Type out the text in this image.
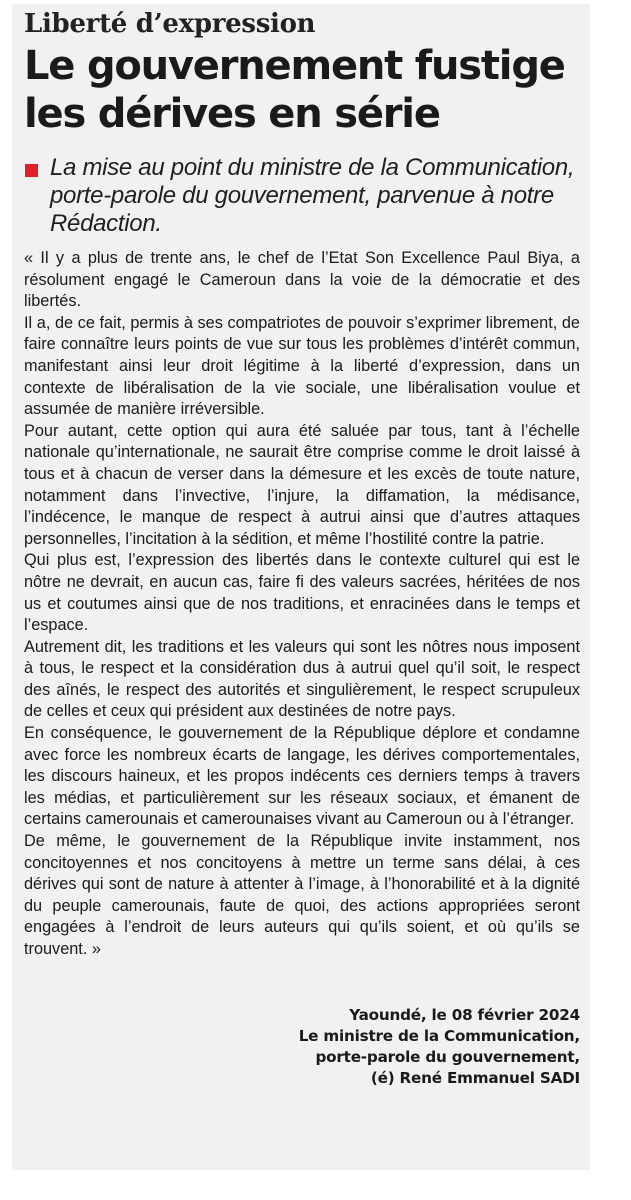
Liberté d’expression
Le gouvernement fustige
les dérives en série

La mise au point du ministre de la Communication, porte-parole du gouvernement, parvenue à notre Rédaction.

« Il y a plus de trente ans, le chef de l’Etat Son Excellence Paul Biya, a résolument engagé le Cameroun dans la voie de la démocratie et des libertés.

Il a, de ce fait, permis à ses compatriotes de pouvoir s’exprimer librement, de faire connaître leurs points de vue sur tous les problèmes d’intérêt commun, manifestant ainsi leur droit légitime à la liberté d’expression, dans un contexte de libéralisation de la vie sociale, une libéralisation voulue et assumée de manière irréversible.

Pour autant, cette option qui aura été saluée par tous, tant à l’échelle nationale qu’internationale, ne saurait être comprise comme le droit laissé à tous et à chacun de verser dans la démesure et les excès de toute nature, notamment dans l’invective, l’injure, la diffamation, la médisance, l’indécence, le manque de respect à autrui ainsi que d’autres attaques personnelles, l’incitation à la sédition, et même l’hostilité contre la patrie.

Qui plus est, l’expression des libertés dans le contexte culturel qui est le nôtre ne devrait, en aucun cas, faire fi des valeurs sacrées, héritées de nos us et coutumes ainsi que de nos traditions, et enracinées dans le temps et l’espace.

Autrement dit, les traditions et les valeurs qui sont les nôtres nous imposent à tous, le respect et la considération dus à autrui quel qu’il soit, le respect des aînés, le respect des autorités et singulièrement, le respect scrupuleux de celles et ceux qui président aux destinées de notre pays.

En conséquence, le gouvernement de la République déplore et condamne avec force les nombreux écarts de langage, les dérives comportementales, les discours haineux, et les propos indécents ces derniers temps à travers les médias, et particulièrement sur les réseaux sociaux, et émanent de certains camerounais et camerounaises vivant au Cameroun ou à l’étranger.

De même, le gouvernement de la République invite instamment, nos concitoyennes et nos concitoyens à mettre un terme sans délai, à ces dérives qui sont de nature à attenter à l’image, à l’honorabilité et à la dignité du peuple camerounais, faute de quoi, des actions appropriées seront engagées à l’endroit de leurs auteurs qui qu’ils soient, et où qu’ils se trouvent. »

Yaoundé, le 08 février 2024
Le ministre de la Communication,
porte-parole du gouvernement,
(é) René Emmanuel SADI
